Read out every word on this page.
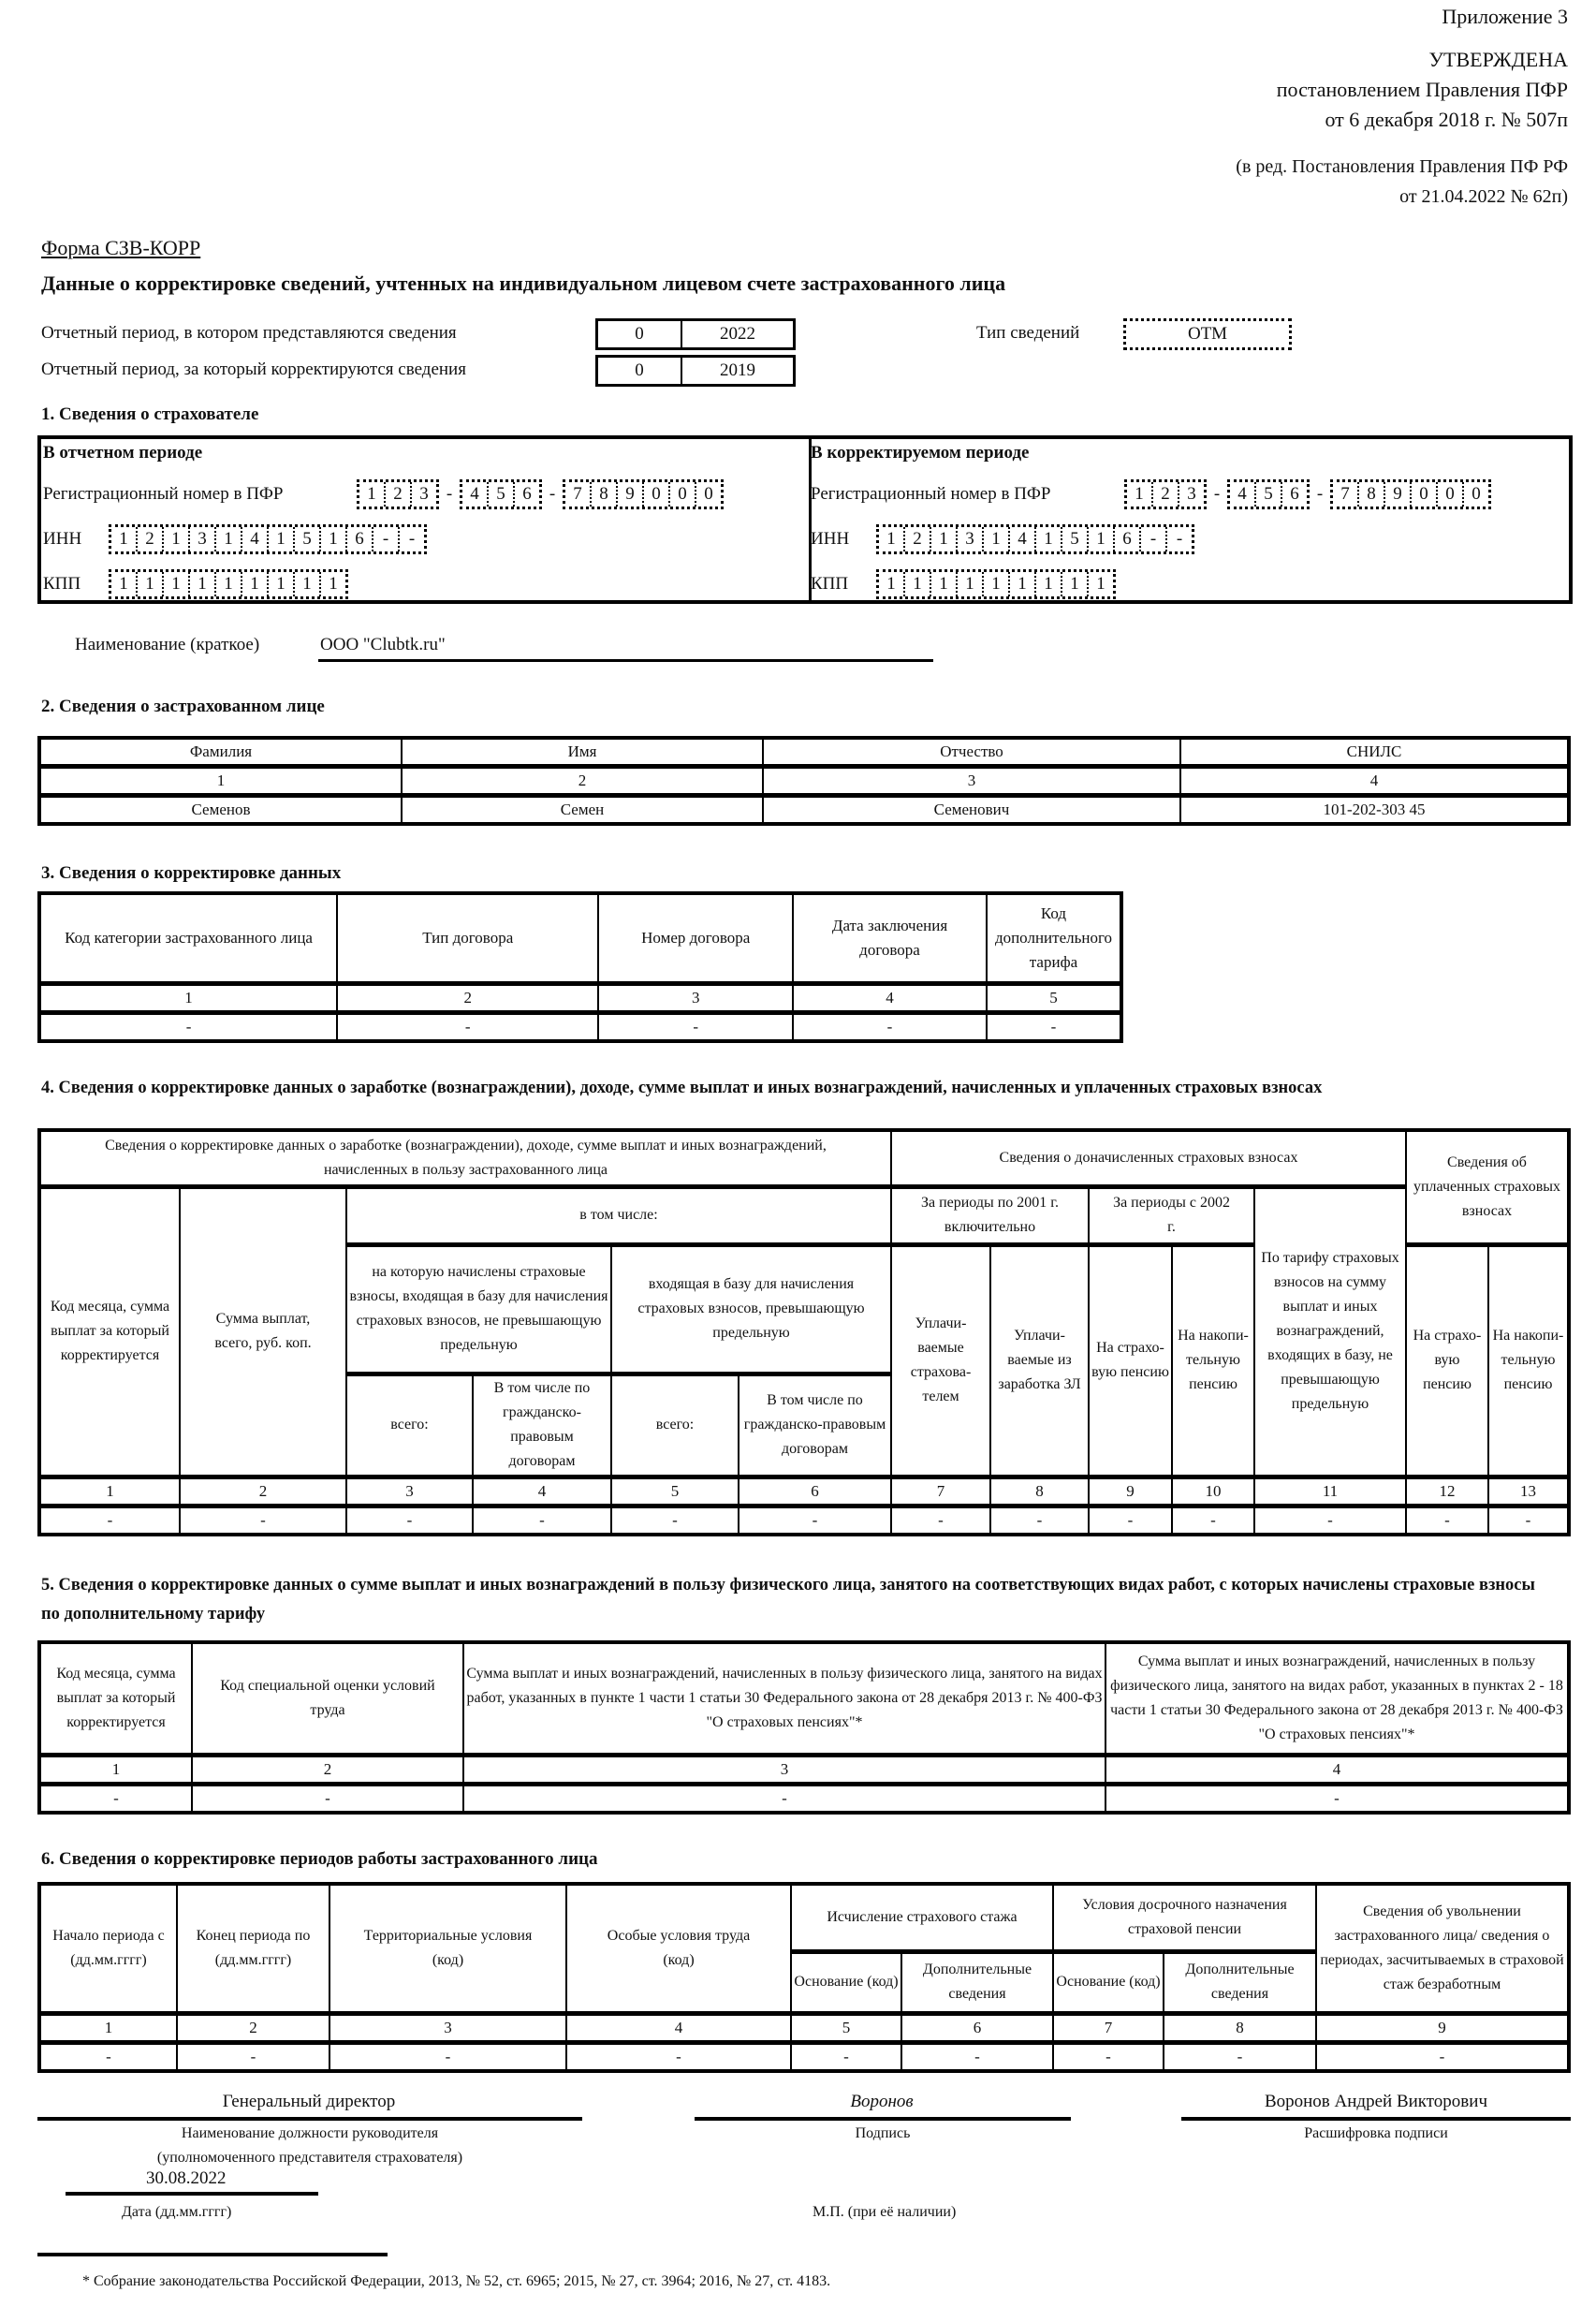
Приложение 3
УТВЕРЖДЕНА
постановлением Правления ПФР
от 6 декабря 2018 г. № 507п
(в ред. Постановления Правления ПФ РФ
от 21.04.2022 № 62п)
Форма СЗВ-КОРР
Данные о корректировке сведений, учтенных на индивидуальном лицевом счете застрахованного лица
Отчетный период, в котором представляются сведения	0	2022
Отчетный период, за который корректируются сведения	0	2019
Тип сведений	ОТМ
1. Сведения о страхователе
В отчетном периоде
Регистрационный номер в ПФР	1 2 3	-	4 5 6	-	7 8 9 0 0 0
ИНН	1 2 1 3 1 4 1 5 1 6	-	-
КПП	1 1 1 1 1 1 1 1 1
В корректируемом периоде
Регистрационный номер в ПФР	1 2 3	-	4 5 6	-	7 8 9 0 0 0
ИНН	1 2 1 3 1 4 1 5 1 6	-	-
КПП	1 1 1 1 1 1 1 1 1
Наименование (краткое)	ООО "Clubtk.ru"
2. Сведения о застрахованном лице
Фамилия	Имя	Отчество	СНИЛС
1	2	3	4
Семенов	Семен	Семенович	101-202-303 45
3. Сведения о корректировке данных
Код категории застрахованного лица	Тип договора	Номер договора	Дата заключения договора	Код дополнительного тарифа
1	2	3	4	5
-	-	-	-	-
4. Сведения о корректировке данных о заработке (вознаграждении), доходе, сумме выплат и иных вознаграждений, начисленных и уплаченных страховых взносах
Сведения о корректировке данных о заработке (вознаграждении), доходе, сумме выплат и иных вознаграждений, начисленных в пользу застрахованного лица						Сведения о доначисленных страховых взносах					Сведения об уплаченных страховых взносах	
Код месяца, сумма выплат за который корректируется	Сумма выплат, всего, руб. коп.	в том числе:				За периоды по 2001 г. включительно		За периоды с 2002 г.		По тарифу страховых взносов на сумму выплат и иных вознаграждений, входящих в базу, не превышающую предельную		
		на которую начислены страховые взносы, входящая в базу для начисления страховых взносов, не превышающую предельную		входящая в базу для начисления страховых взносов, превышающую предельную		Уплачи-ваемые страхова-телем	Уплачи-ваемые из заработка ЗЛ	На страхо-вую пенсию	На накопи-тельную пенсию		На страхо-вую пенсию	На накопи-тельную пенсию
		всего:	В том числе по гражданско-правовым договорам	всего:	В том числе по гражданско-правовым договорам							
1	2	3	4	5	6	7	8	9	10	11	12	13
-	-	-	-	-	-	-	-	-	-	-	-	-
5. Сведения о корректировке данных о сумме выплат и иных вознаграждений в пользу физического лица, занятого на соответствующих видах работ, с которых начислены страховые взносы по дополнительному тарифу
Код месяца, сумма выплат за который корректируется	Код специальной оценки условий труда	Сумма выплат и иных вознаграждений, начисленных в пользу физического лица, занятого на видах работ, указанных в пункте 1 части 1 статьи 30 Федерального закона от 28 декабря 2013 г. № 400-ФЗ "О страховых пенсиях"*	Сумма выплат и иных вознаграждений, начисленных в пользу физического лица, занятого на видах работ, указанных в пунктах 2 - 18 части 1 статьи 30 Федерального закона от 28 декабря 2013 г. № 400-ФЗ "О страховых пенсиях"*
1	2	3	4
-	-	-	-
6. Сведения о корректировке периодов работы застрахованного лица
Начало периода с (дд.мм.гггг)	Конец периода по (дд.мм.гггг)	Территориальные условия (код)	Особые условия труда (код)	Исчисление страхового стажа		Условия досрочного назначения страховой пенсии		Сведения об увольнении застрахованного лица/ сведения о периодах, засчитываемых в страховой стаж безработным
				Основание (код)	Дополнительные сведения	Основание (код)	Дополнительные сведения	
1	2	3	4	5	6	7	8	9
-	-	-	-	-	-	-	-	-
Генеральный директор
Наименование должности руководителя
(уполномоченного представителя страхователя)
Воронов
Подпись
Воронов Андрей Викторович
Расшифровка подписи
30.08.2022
Дата (дд.мм.гггг)	М.П. (при её наличии)
* Собрание законодательства Российской Федерации, 2013, № 52, ст. 6965; 2015, № 27, ст. 3964; 2016, № 27, ст. 4183.
